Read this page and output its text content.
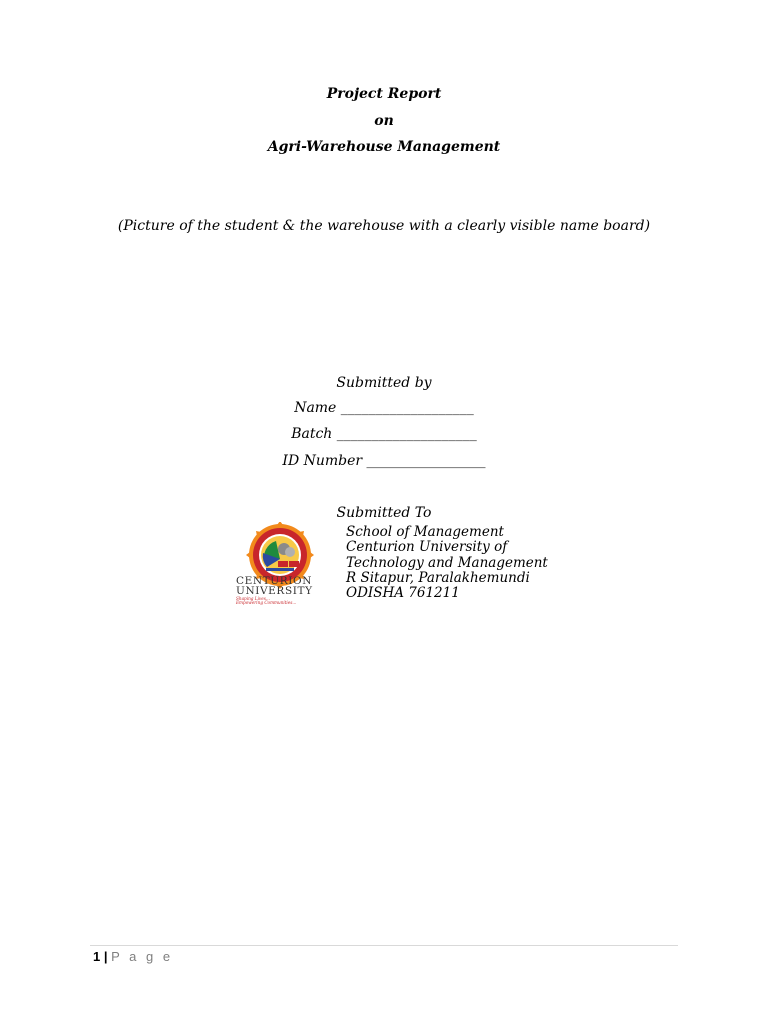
Project Report
on
Agri-Warehouse Management
(Picture of the student & the warehouse with a clearly visible name board)
Submitted by
Name ___________________
Batch ____________________
ID Number _________________
Submitted To
CENTURION
UNIVERSITY
Shaping Lives...
Empowering Communities...
School of Management
Centurion University of
Technology and Management
R Sitapur, Paralakhemundi
ODISHA 761211
1 | P a g e
